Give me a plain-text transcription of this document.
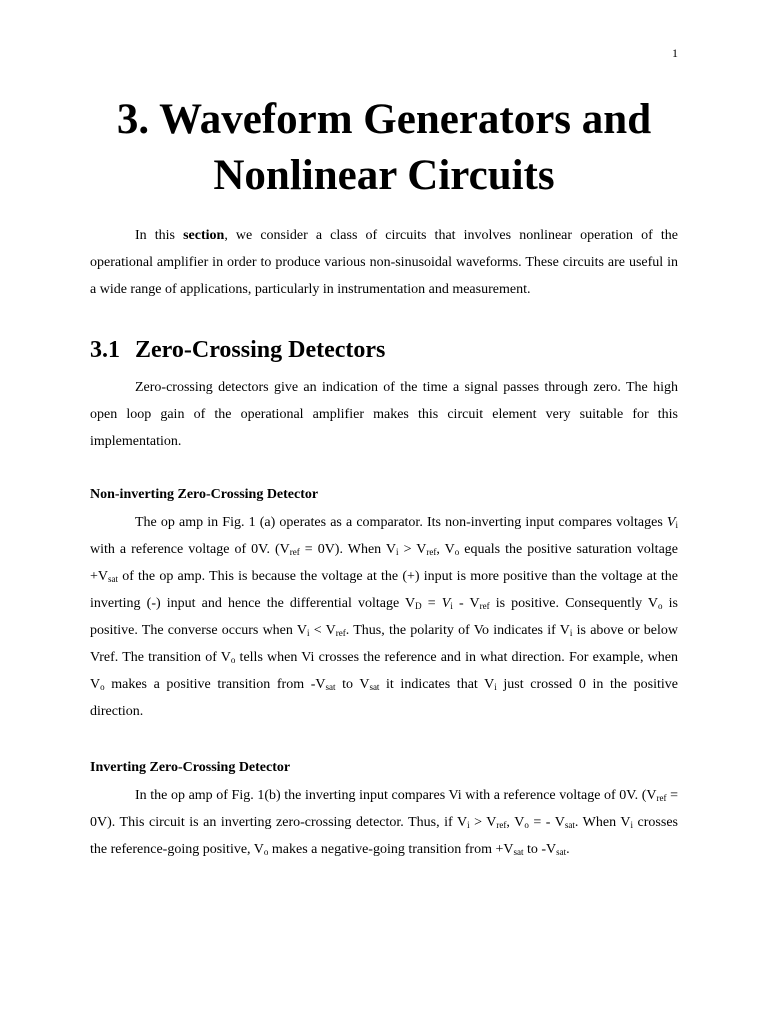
1
3. Waveform Generators and
Nonlinear Circuits

In this section, we consider a class of circuits that involves nonlinear operation of the operational amplifier in order to produce various non-sinusoidal waveforms. These circuits are useful in a wide range of applications, particularly in instrumentation and measurement.

3.1 Zero-Crossing Detectors

Zero-crossing detectors give an indication of the time a signal passes through zero. The high open loop gain of the operational amplifier makes this circuit element very suitable for this implementation.

Non-inverting Zero-Crossing Detector

The op amp in Fig. 1 (a) operates as a comparator. Its non-inverting input compares voltages $V_i$ with a reference voltage of 0V. $(V_{ref} = 0V)$. When $V_i > V_{ref}$, $V_o$ equals the positive saturation voltage $+V_{sat}$ of the op amp. This is because the voltage at the (+) input is more positive than the voltage at the inverting (-) input and hence the differential voltage $V_D = V_i - V_{ref}$ is positive. Consequently $V_o$ is positive. The converse occurs when $V_i < V_{ref}$. Thus, the polarity of Vo indicates if $V_i$ is above or below Vref. The transition of $V_o$ tells when Vi crosses the reference and in what direction. For example, when $V_o$ makes a positive transition from $-V_{sat}$ to $V_{sat}$ it indicates that $V_i$ just crossed 0 in the positive direction.

Inverting Zero-Crossing Detector

In the op amp of Fig. 1(b) the inverting input compares Vi with a reference voltage of 0V. $(V_{ref} = 0V)$. This circuit is an inverting zero-crossing detector. Thus, if $V_i > V_{ref}$, $V_o$ = - $V_{sat}$. When $V_i$ crosses the reference-going positive, $V_o$ makes a negative-going transition from $+V_{sat}$ to $-V_{sat}$.
